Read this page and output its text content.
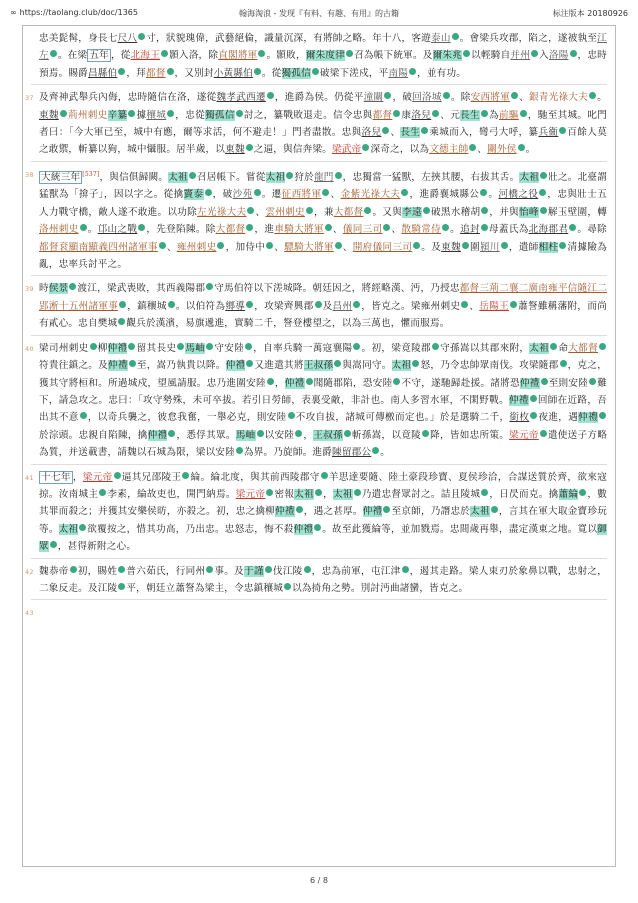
∞ https://taolang.club/doc/1365	翰海淘浪 - 发现『有料、有趣、有用』的古籍	标注版本 20180926
忠美髭髯，身長七尺八 寸，狀貌瑰偉，武藝絕倫，識量沉深，有將帥之略。年十八，客遊泰山 。會梁兵攻郡，陷之，遂被執至江左 。在梁 五年 ，從北海王 顥入洛，除直閣將軍 。顥敗，爾朱度律 召為帳下統軍。及爾朱兆 以輕騎自并州 入洛陽 ，忠時預焉。賜爵昌縣伯 ，拜都督 ，又別封小黃縣伯 。從獨孤信 破梁下溠戍，平南陽 ，並有功。
37 及齊神武舉兵內侮，忠時隨信在洛，遂從魏孝武西遷 ，進爵為侯。仍從平潼關 ，破回洛城 。除安西將軍 、銀青光祿大夫 。東魏 荊州刺史辛纂 據穰城 ，忠從獨孤信 討之，纂戰敗退走。信令忠與都督 康洛兒 、元長生 為前驅 ，馳至其城。叱門者曰：「今大軍已至，城中有應，爾等求活，何不避走！」門者盡散。忠與洛兒 、長生 乘城而入，彎弓大呼，纂兵衞 百餘人莫之敢禦，斬纂以狥，城中懾服。居半歲，以東魏 之逼，與信奔梁。梁武帝 深奇之，以為文德主帥 、關外侯 。
38 大統三年 [537]，與信俱歸闕。太祖 召居帳下。嘗從太祖 狩於龍門 ，忠獨當一猛獸，左挾其腰，右拔其舌。太祖 壯之。北臺謂猛獸為「揜子」，因以字之。從擒竇泰 ，破沙苑 。遷征西將軍 、金紫光祿大夫 ，進爵襄城縣公 。河橋之役 ，忠與壯士五人力戰守橋，敵人遂不敢進。以功除左光祿大夫 、雲州刺史 ，兼大都督 。又與李遠 破黑水稽胡 ，并與怡峰 解玉壁圍，轉洛州刺史 。邙山之戰 ，先登陷陳。除大都督 ，進車騎大將軍 、儀同三司 、散騎常侍 。追封 母蓋氏為北海郡君 。尋除都督袞顯南顯義四州諸軍事 、雍州刺史 ，加侍中 、驃騎大將軍 、開府儀同三司 。及東魏 圍潁川 ，遣師相柱 清據險為亂，忠率兵討平之。
39 時侯景 渡江，梁武喪敗，其西義陽郡 守馬伯符以下溠城降。朝廷因之，將經略漢、沔，乃授忠都督三荊二襄二廣南雍平信隨江二郢淅十五州諸軍事 ，鎮穰城 。以伯符為鄉導 ，攻梁齊興郡 及昌州 ，皆克之。梁雍州刺史 、岳陽王 蕭詧雖稱藩附，而尚有貳心。忠自樊城 觀兵於漢濱，易旗遞進，實騎二千，詧登樓望之，以為三萬也，懼而服焉。
40 梁司州刺史 柳仲禮 留其長史 馬岫 守安陸 ，自率兵騎一萬寇襄陽 。初，梁竟陵郡 守孫嵩以其郡來附，太祖 命大都督符貴往鎮之。及仲禮 至，嵩乃執貴以降。仲禮 又進遣其將王叔孫 與嵩同守。太祖 怒，乃令忠帥眾南伐。攻梁隨郡 ，克之，獲其守將桓和。所過城戍，望風請服。忠乃進圍安陸 ，仲禮 聞隨郡陷，恐安陸 不守，遂馳歸赴援。諸將恐仲禮 至則安陸 難下，請急攻之。忠曰：「攻守勢殊，未可卒拔。若引日勞師，表裏受敵，非計也。南人多習水軍，不閑野戰。仲禮 回師在近路，吾出其不意 ，以奇兵襲之，彼怠我奮，一舉必克，則安陸 不攻自拔，諸城可傳檄而定也。」於是選騎二千，銜枚 夜進，遇仲禮於淙頭。忠親自陷陳，擒仲禮 ，悉俘其眾。馬岫 以安陸 ，王叔孫 斬孫嵩，以竟陵 降，皆如忠所策。梁元帝 遣使送子方略為質，并送載書，請魏以石城為限，梁以安陸 為界。乃旋師。進爵陳留郡公 。
41 十七年 ，梁元帝 逼其兄邵陵王 綸。綸北度，與其前西陵郡守 羊思達要隨、陸土豪段珍寶、夏侯珍洽，合謀送質於齊，欲來寇掠。汝南城主 李素，綸故吏也，開門納焉。梁元帝 密報太祖 ，太祖 乃遣忠督眾討之。詰且陵城 ，日昃而克。擒蕭綸 ，數其罪而殺之；并獲其安樂侯昉，亦殺之。初，忠之擒柳仲禮 ，遇之甚厚。仲禮 至京師，乃譖忠於太祖 ，言其在軍大取金寶珍玩等。太祖 欲覆按之，惜其功高，乃出忠。忠怒志，悔不殺仲禮 。故至此獲綸等，並加戮焉。忠間歲再舉，盡定漢東之地。寬以御眾 ，甚得新附之心。
42 魏恭帝 初，賜姓 普六茹氏，行同州 事。及于謹 伐江陵 ，忠為前軍，屯江津 ，遏其走路。梁人束刃於象鼻以戰，忠射之，二象反走。及江陵 平，朝廷立蕭詧為梁主，令忠鎮穰城 以為掎角之勢。別討沔曲諸蠻，皆克之。
43
6 / 8
